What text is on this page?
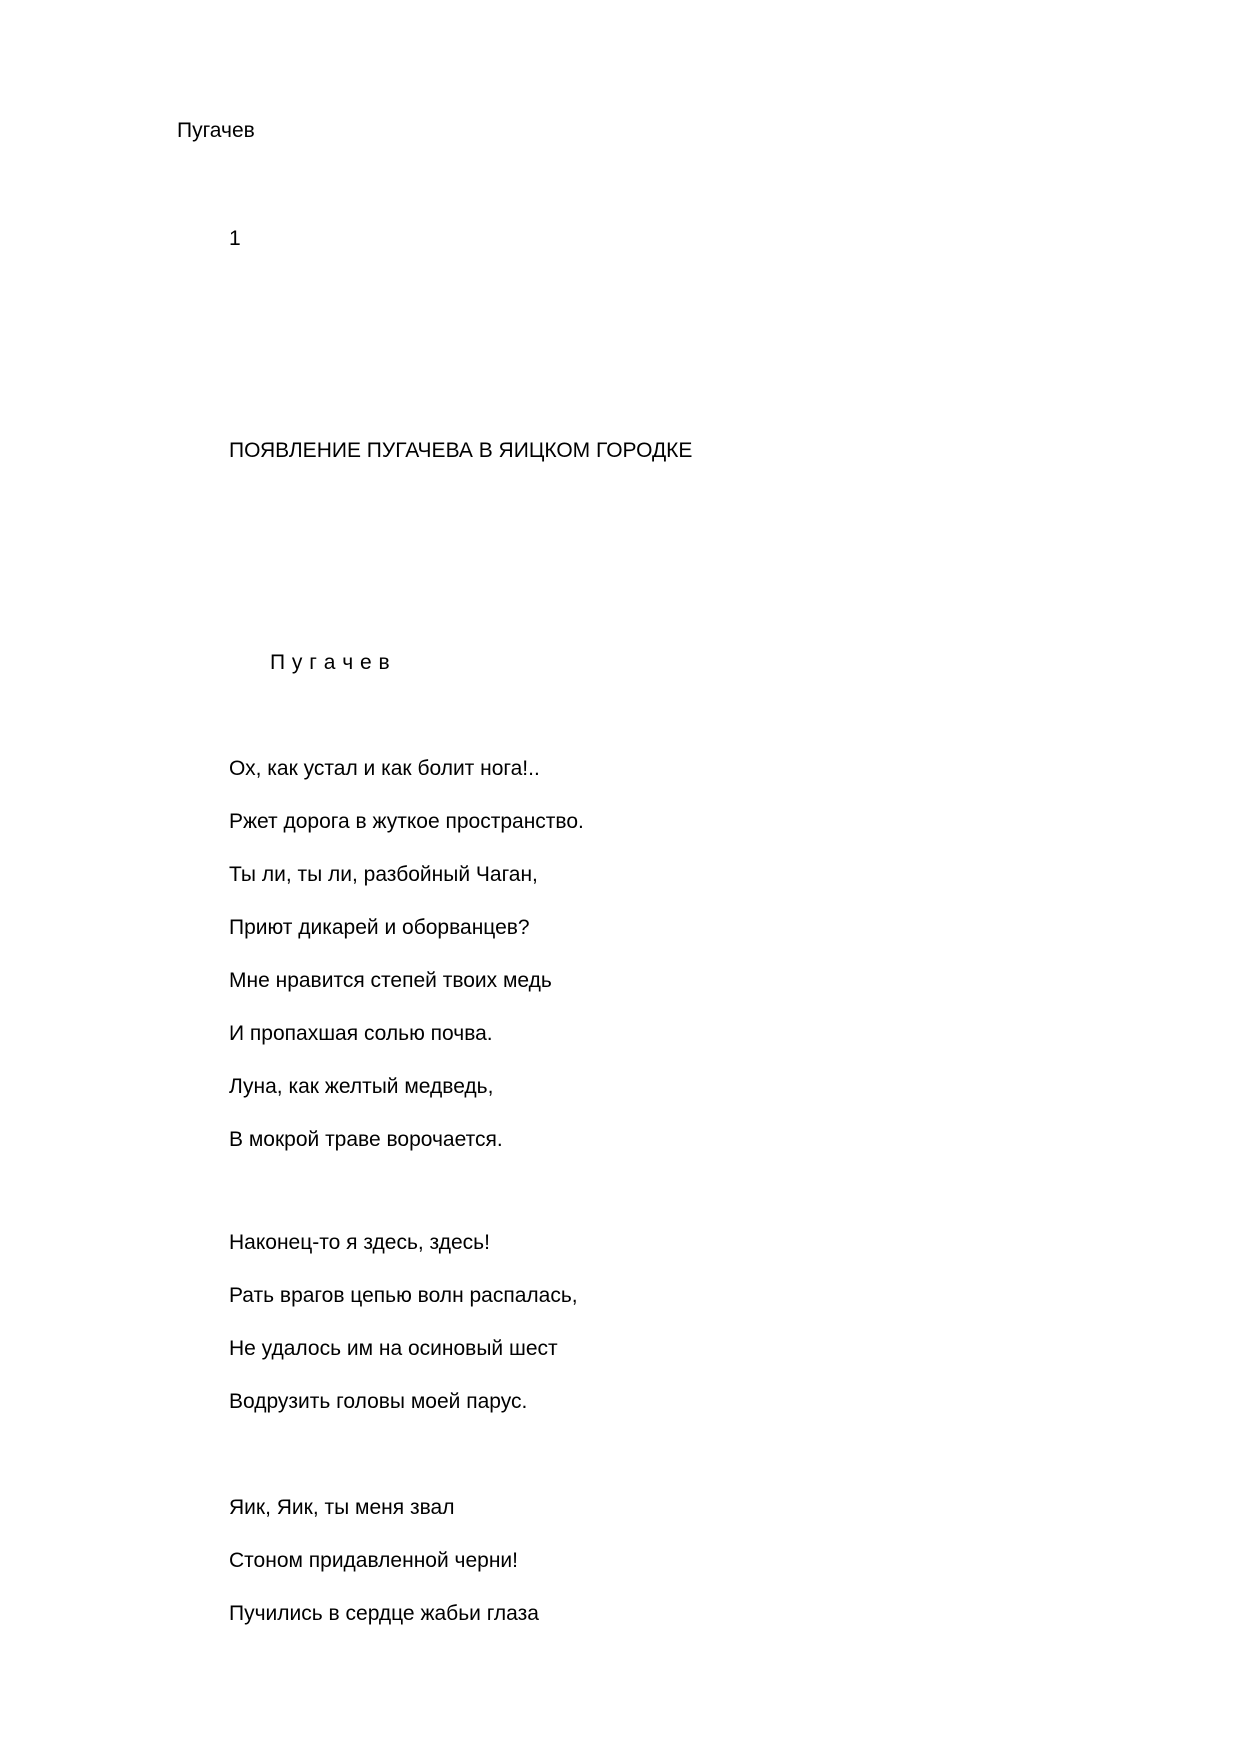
Пугачев

1

ПОЯВЛЕНИЕ ПУГАЧЕВА В ЯИЦКОМ ГОРОДКЕ

П у г а ч е в

Ох, как устал и как болит нога!..
Ржет дорога в жуткое пространство.
Ты ли, ты ли, разбойный Чаган,
Приют дикарей и оборванцев?
Мне нравится степей твоих медь
И пропахшая солью почва.
Луна, как желтый медведь,
В мокрой траве ворочается.
Наконец-то я здесь, здесь!
Рать врагов цепью волн распалась,
Не удалось им на осиновый шест
Водрузить головы моей парус.
Яик, Яик, ты меня звал
Стоном придавленной черни!
Пучились в сердце жабьи глаза
